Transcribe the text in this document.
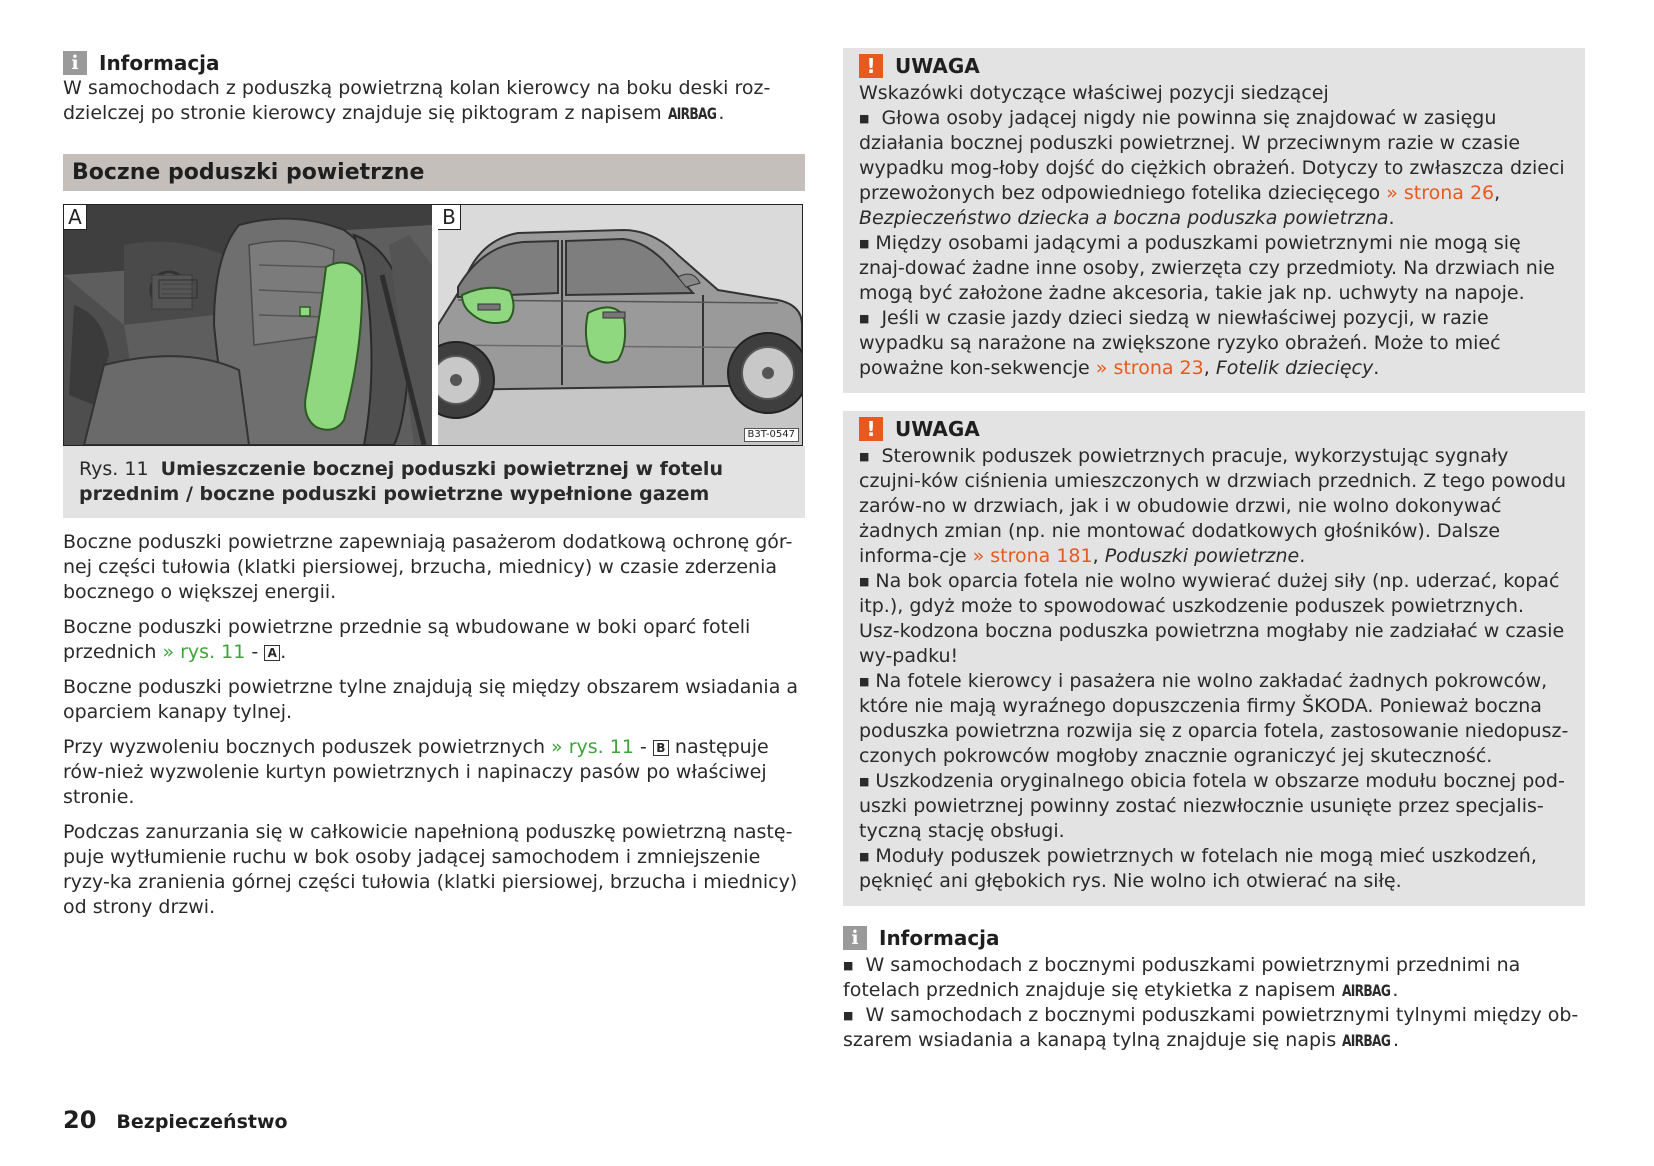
i	Informacja
W samochodach z poduszką powietrzną kolan kierowcy na boku deski roz-dzielczej po stronie kierowcy znajduje się piktogram z napisem AIRBAG .
Boczne poduszki powietrzne
A	B
B3T-0547
Rys. 11 Umieszczenie bocznej poduszki powietrznej w fotelu przednim / boczne poduszki powietrzne wypełnione gazem

Boczne poduszki powietrzne zapewniają pasażerom dodatkową ochronę gór-nej części tułowia (klatki piersiowej, brzucha, miednicy) w czasie zderzenia bocznego o większej energii.

Boczne poduszki powietrzne przednie są wbudowane w boki oparć foteli przednich » rys. 11 - A .

Boczne poduszki powietrzne tylne znajdują się między obszarem wsiadania a oparciem kanapy tylnej.

Przy wyzwoleniu bocznych poduszek powietrznych » rys. 11 - B następuje rów-nież wyzwolenie kurtyn powietrznych i napinaczy pasów po właściwej stronie.

Podczas zanurzania się w całkowicie napełnioną poduszkę powietrzną nastę-puje wytłumienie ruchu w bok osoby jadącej samochodem i zmniejszenie ryzy-ka zranienia górnej części tułowia (klatki piersiowej, brzucha i miednicy) od strony drzwi.

! UWAGA

Wskazówki dotyczące właściwej pozycji siedzącej

■ Głowa osoby jadącej nigdy nie powinna się znajdować w zasięgu działania bocznej poduszki powietrznej. W przeciwnym razie w czasie wypadku mog-łoby dojść do ciężkich obrażeń. Dotyczy to zwłaszcza dzieci przewożonych bez odpowiedniego fotelika dziecięcego » strona 26, Bezpieczeństwo dziecka a boczna poduszka powietrzna.

■ Między osobami jadącymi a poduszkami powietrznymi nie mogą się znaj-dować żadne inne osoby, zwierzęta czy przedmioty. Na drzwiach nie mogą być założone żadne akcesoria, takie jak np. uchwyty na napoje.

■ Jeśli w czasie jazdy dzieci siedzą w niewłaściwej pozycji, w razie wypadku są narażone na zwiększone ryzyko obrażeń. Może to mieć poważne kon-sekwencje » strona 23, Fotelik dziecięcy.

! UWAGA

■ Sterownik poduszek powietrznych pracuje, wykorzystując sygnały czujni-ków ciśnienia umieszczonych w drzwiach przednich. Z tego powodu zarów-no w drzwiach, jak i w obudowie drzwi, nie wolno dokonywać żadnych zmian (np. nie montować dodatkowych głośników). Dalsze informa-cje » strona 181, Poduszki powietrzne.

■ Na bok oparcia fotela nie wolno wywierać dużej siły (np. uderzać, kopać itp.), gdyż może to spowodować uszkodzenie poduszek powietrznych. Usz-kodzona boczna poduszka powietrzna mogłaby nie zadziałać w czasie wy-padku!

■ Na fotele kierowcy i pasażera nie wolno zakładać żadnych pokrowców, które nie mają wyraźnego dopuszczenia firmy ŠKODA. Ponieważ boczna poduszka powietrzna rozwija się z oparcia fotela, zastosowanie niedopusz-czonych pokrowców mogłoby znacznie ograniczyć jej skuteczność.

■ Uszkodzenia oryginalnego obicia fotela w obszarze modułu bocznej pod-uszki powietrznej powinny zostać niezwłocznie usunięte przez specjalis-tyczną stację obsługi.

■ Moduły poduszek powietrznych w fotelach nie mogą mieć uszkodzeń, pęknięć ani głębokich rys. Nie wolno ich otwierać na siłę.

i	Informacja

■ W samochodach z bocznymi poduszkami powietrznymi przednimi na fotelach przednich znajduje się etykietka z napisem AIRBAG .

■ W samochodach z bocznymi poduszkami powietrznymi tylnymi między ob-szarem wsiadania a kanapą tylną znajduje się napis AIRBAG .

20 Bezpieczeństwo
